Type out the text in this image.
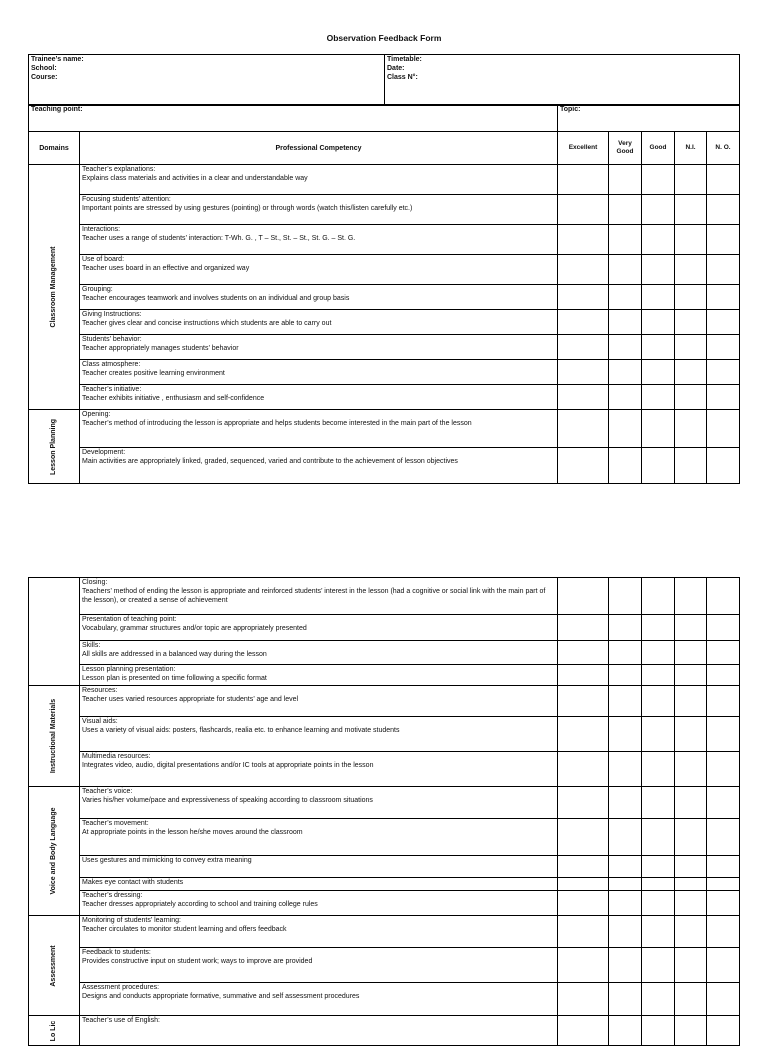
Observation Feedback Form
Trainee’s name:
School:
Course:

Timetable:
Date:
Class N°:
Teaching point:	Topic:
Domains	Professional Competency	Excellent	Very Good	Good	N.I.	N. O.

Classroom Management	Teacher’s explanations:
Explains class materials and activities in a clear and understandable way					

	Focusing students’ attention:
Important points are stressed by using gestures (pointing) or through words (watch this/listen carefully etc.)					

	Interactions:
Teacher uses a range of students’ interaction: T-Wh. G. , T – St., St. – St., St. G. – St. G.					

	Use of board:
Teacher uses board in an effective and organized way					

	Grouping:
Teacher encourages teamwork and involves students on an individual and group basis					

	Giving Instructions:
Teacher gives clear and concise instructions which students are able to carry out					

	Students’ behavior:
Teacher appropriately manages students’ behavior					

	Class atmosphere:
Teacher creates positive learning environment					

	Teacher’s initiative:
Teacher exhibits initiative , enthusiasm and self-confidence					

Lesson Planning	Opening:
Teacher’s method of introducing the lesson is appropriate and helps students become interested in the main part of the lesson					

	Development:
Main activities are appropriately linked, graded, sequenced, varied and contribute to the achievement of lesson objectives					

	Closing:
Teachers’ method of ending the lesson is appropriate and reinforced students’ interest in the lesson (had a cognitive or social link with the main part of the lesson), or created a sense of achievement					

	Presentation of teaching point:
Vocabulary, grammar structures and/or topic are appropriately presented					

	Skills:
All skills are addressed in a balanced way during the lesson					

	Lesson planning presentation:
Lesson plan is presented on time following a specific format					

Instructional Materials	Resources:
Teacher uses varied resources appropriate for students’ age and level					

	Visual aids:
Uses a variety of visual aids: posters, flashcards, realia etc. to enhance learning and motivate students					

	Multimedia resources:
Integrates video, audio, digital presentations and/or IC tools at appropriate points in the lesson					

Voice and Body Language	Teacher’s voice:
Varies his/her volume/pace and expressiveness of speaking according to classroom situations					

	Teacher’s movement:
At appropriate points in the lesson he/she moves around the classroom					

	Uses gestures and mimicking to convey extra meaning					

	Makes eye contact with students					

	Teacher’s dressing:
Teacher dresses appropriately according to school and training college rules					

Assessment	Monitoring of students’ learning:
Teacher circulates to monitor student learning and offers feedback					

	Feedback to students:
Provides constructive input on student work; ways to improve are provided					

	Assessment procedures:
Designs and conducts appropriate formative, summative and self assessment procedures					

Lo Lic	Teacher’s use of English:					
